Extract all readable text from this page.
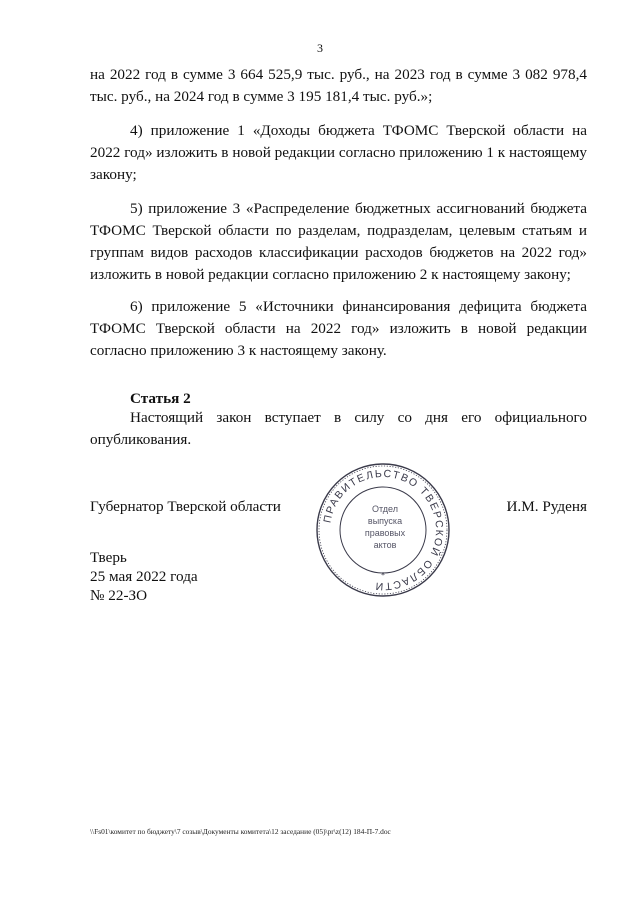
3

на 2022 год в сумме 3 664 525,9 тыс. руб., на 2023 год в сумме 3 082 978,4 тыс. руб., на 2024 год в сумме 3 195 181,4 тыс. руб.»;

4) приложение 1 «Доходы бюджета ТФОМС Тверской области на 2022 год» изложить в новой редакции согласно приложению 1 к настоящему закону;

5) приложение 3 «Распределение бюджетных ассигнований бюджета ТФОМС Тверской области по разделам, подразделам, целевым статьям и группам видов расходов классификации расходов бюджетов на 2022 год» изложить в новой редакции согласно приложению 2 к настоящему закону;

6) приложение 5 «Источники финансирования дефицита бюджета ТФОМС Тверской области на 2022 год» изложить в новой редакции согласно приложению 3 к настоящему закону.

Статья 2

Настоящий закон вступает в силу со дня его официального опубликования.

Губернатор Тверской области	И.М. Руденя
ПРАВИТЕЛЬСТВО ТВЕРСКОЙ ОБЛАСТИ
*
Отдел
выпуска
правовых
актов
Тверь
25 мая 2022 года
№ 22-ЗО
\\Fs01\комитет по бюджету\7 созыв\Документы комитета\12 заседание (05)\pr\z(12) 184-П-7.doc
